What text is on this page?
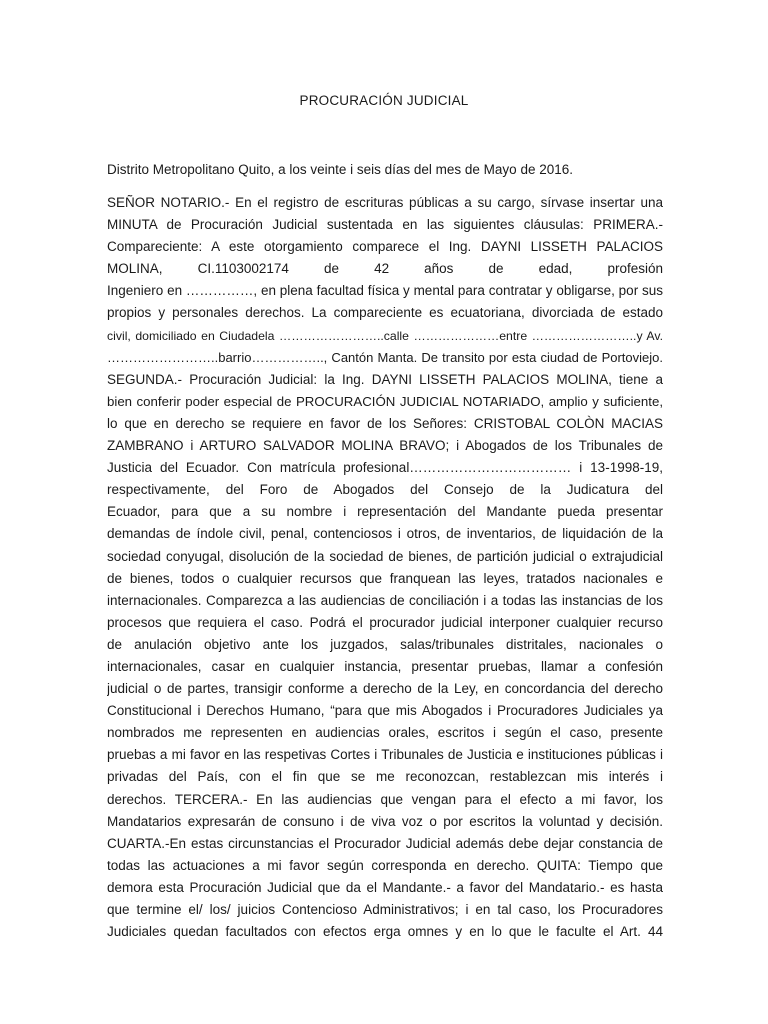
PROCURACIÓN JUDICIAL
Distrito Metropolitano Quito, a los veinte i seis días del mes de Mayo de 2016.
SEÑOR NOTARIO.- En el registro de escrituras públicas a su cargo, sírvase insertar una
MINUTA de Procuración Judicial sustentada en las siguientes cláusulas: PRIMERA.-
Compareciente: A este otorgamiento comparece el Ing. DAYNI LISSETH PALACIOS
MOLINA, CI.1103002174 de 42 años de edad, profesión
Ingeniero en ……………, en plena facultad física y mental para contratar y obligarse, por sus
propios y personales derechos. La compareciente es ecuatoriana, divorciada de estado
civil, domiciliado en Ciudadela ……………………..calle …………………entre ……………………..y Av.
……………………..barrio…………….., Cantón Manta. De transito por esta ciudad de Portoviejo.
SEGUNDA.- Procuración Judicial: la Ing. DAYNI LISSETH PALACIOS MOLINA, tiene a
bien conferir poder especial de PROCURACIÓN JUDICIAL NOTARIADO, amplio y suficiente,
lo que en derecho se requiere en favor de los Señores: CRISTOBAL COLÒN MACIAS
ZAMBRANO i ARTURO SALVADOR MOLINA BRAVO; i Abogados de los Tribunales de
Justicia del Ecuador. Con matrícula profesional……………………………… i 13-1998-19,
respectivamente, del Foro de Abogados del Consejo de la Judicatura del
Ecuador, para que a su nombre i representación del Mandante pueda presentar
demandas de índole civil, penal, contenciosos i otros, de inventarios, de liquidación de la
sociedad conyugal, disolución de la sociedad de bienes, de partición judicial o extrajudicial
de bienes, todos o cualquier recursos que franquean las leyes, tratados nacionales e
internacionales. Comparezca a las audiencias de conciliación i a todas las instancias de los
procesos que requiera el caso. Podrá el procurador judicial interponer cualquier recurso
de anulación objetivo ante los juzgados, salas/tribunales distritales, nacionales o
internacionales, casar en cualquier instancia, presentar pruebas, llamar a confesión
judicial o de partes, transigir conforme a derecho de la Ley, en concordancia del derecho
Constitucional i Derechos Humano, “para que mis Abogados i Procuradores Judiciales ya
nombrados me representen en audiencias orales, escritos i según el caso, presente
pruebas a mi favor en las respetivas Cortes i Tribunales de Justicia e instituciones públicas i
privadas del País, con el fin que se me reconozcan, restablezcan mis interés i
derechos. TERCERA.- En las audiencias que vengan para el efecto a mi favor, los
Mandatarios expresarán de consuno i de viva voz o por escritos la voluntad y decisión.
CUARTA.-En estas circunstancias el Procurador Judicial además debe dejar constancia de
todas las actuaciones a mi favor según corresponda en derecho. QUITA: Tiempo que
demora esta Procuración Judicial que da el Mandante.- a favor del Mandatario.- es hasta
que termine el/ los/ juicios Contencioso Administrativos; i en tal caso, los Procuradores
Judiciales quedan facultados con efectos erga omnes y en lo que le faculte el Art. 44
